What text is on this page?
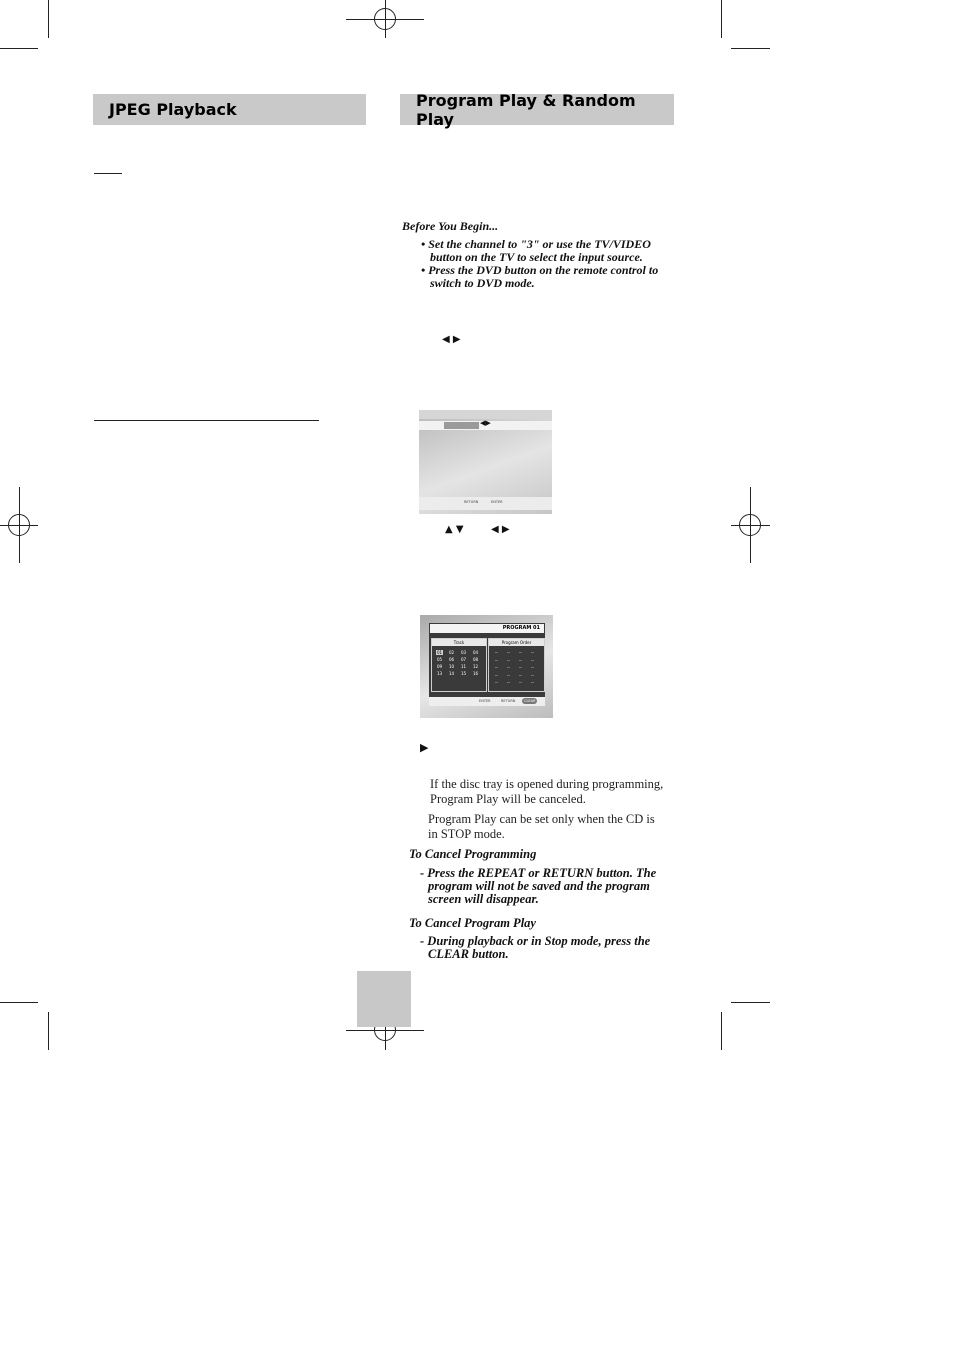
JPEG Playback	Program Play & Random Play
Before You Begin...
• Set the channel to "3" or use the TV/VIDEO button on the TV to select the input source.
• Press the DVD button on the remote control to switch to DVD mode.
◀ ▶
◀▶
RETURN	ENTER
▲ ▼	◀ ▶
PROGRAM 01
Track
01 02 03 04
05 06 07 08
09 10 11 12
13 14 15 16
Program Order
-- -- -- --
-- -- -- --
-- -- -- --
-- -- -- --
-- -- -- --
ENTER	RETURN	CLEAR
▶
If the disc tray is opened during programming, Program Play will be canceled.
Program Play can be set only when the CD is in STOP mode.
To Cancel Programming
- Press the REPEAT or RETURN button. The program will not be saved and the program screen will disappear.
To Cancel Program Play
- During playback or in Stop mode, press the CLEAR button.
